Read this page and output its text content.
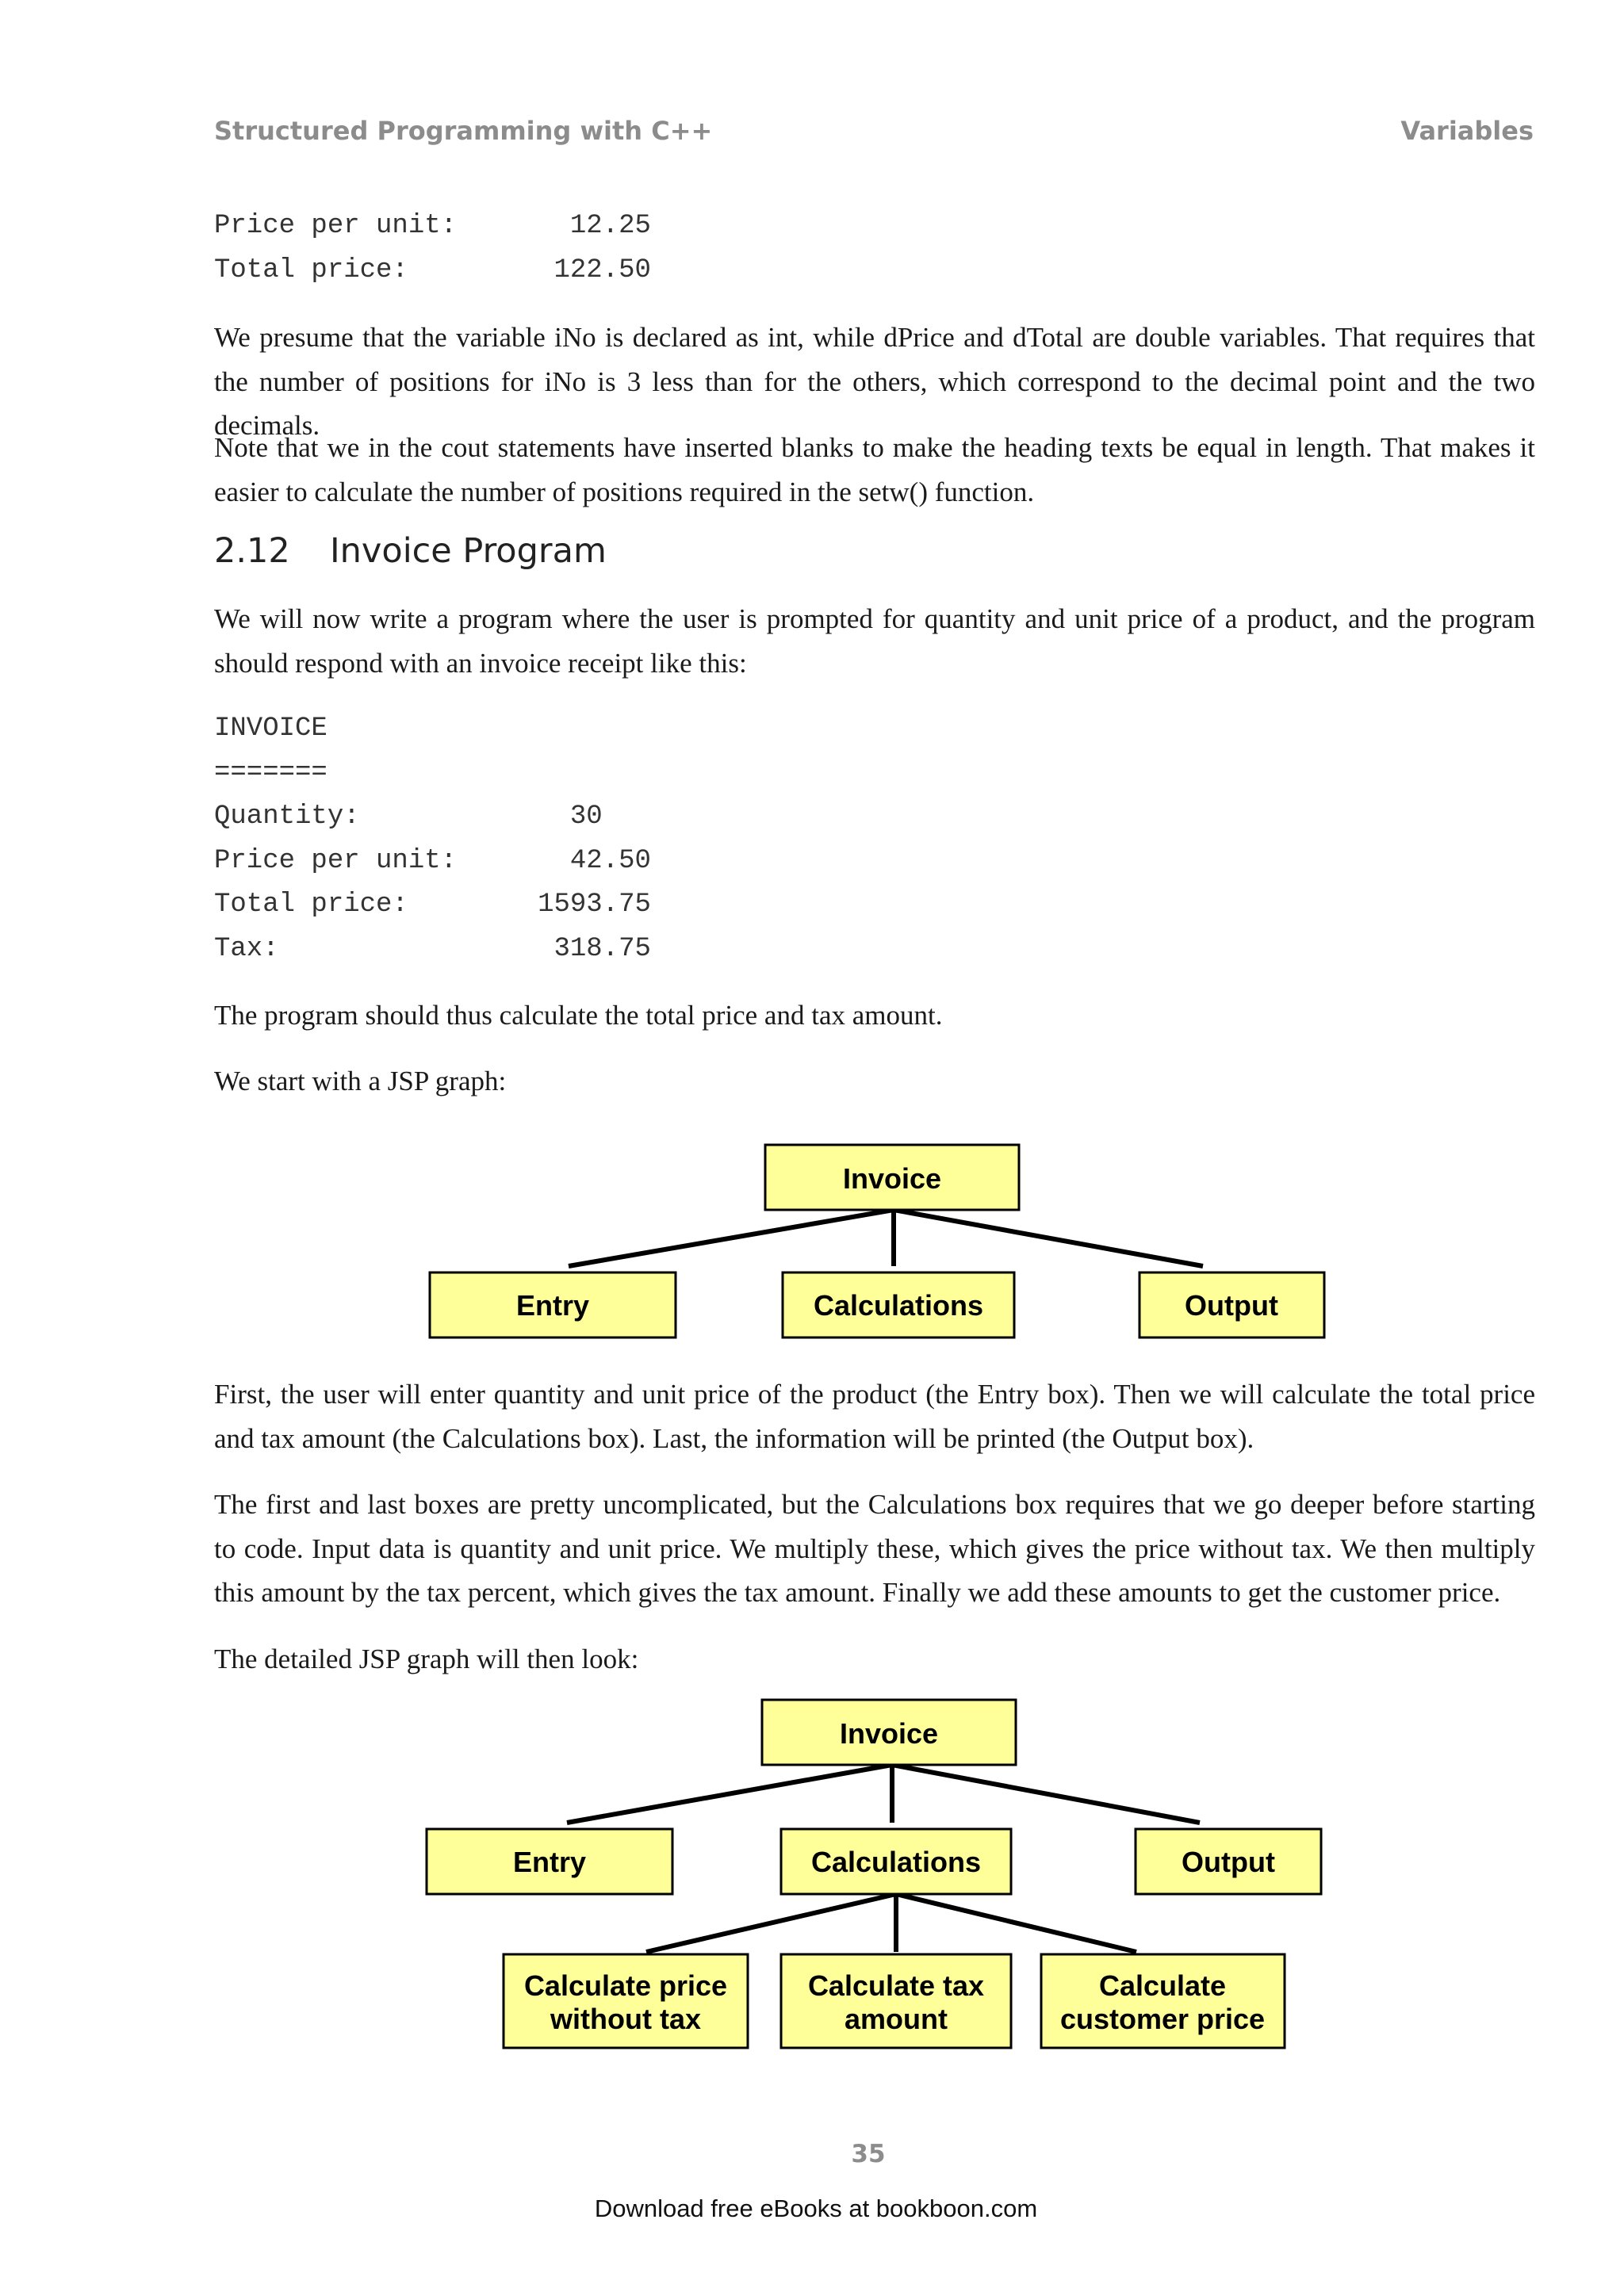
Structured Programming with C++	Variables
Price per unit:       12.25
Total price:         122.50

We presume that the variable iNo is declared as int, while dPrice and dTotal are double variables. That requires that the number of positions for iNo is 3 less than for the others, which correspond to the decimal point and the two decimals.

Note that we in the cout statements have inserted blanks to make the heading texts be equal in length. That makes it easier to calculate the number of positions required in the setw() function.

2.12 Invoice Program

We will now write a program where the user is prompted for quantity and unit price of a product, and the program should respond with an invoice receipt like this:

INVOICE
=======
Quantity:             30
Price per unit:       42.50
Total price:        1593.75
Tax:                 318.75

The program should thus calculate the total price and tax amount.

We start with a JSP graph:

Invoice
Entry	Calculations	Output

First, the user will enter quantity and unit price of the product (the Entry box). Then we will calculate the total price and tax amount (the Calculations box). Last, the information will be printed (the Output box).

The first and last boxes are pretty uncomplicated, but the Calculations box requires that we go deeper before starting to code. Input data is quantity and unit price. We multiply these, which gives the price without tax. We then multiply this amount by the tax percent, which gives the tax amount. Finally we add these amounts to get the customer price.

The detailed JSP graph will then look:

Invoice
Entry	Calculations	Output
Calculate price
without tax
Calculate tax
amount
Calculate
customer price
35
Download free eBooks at bookboon.com
